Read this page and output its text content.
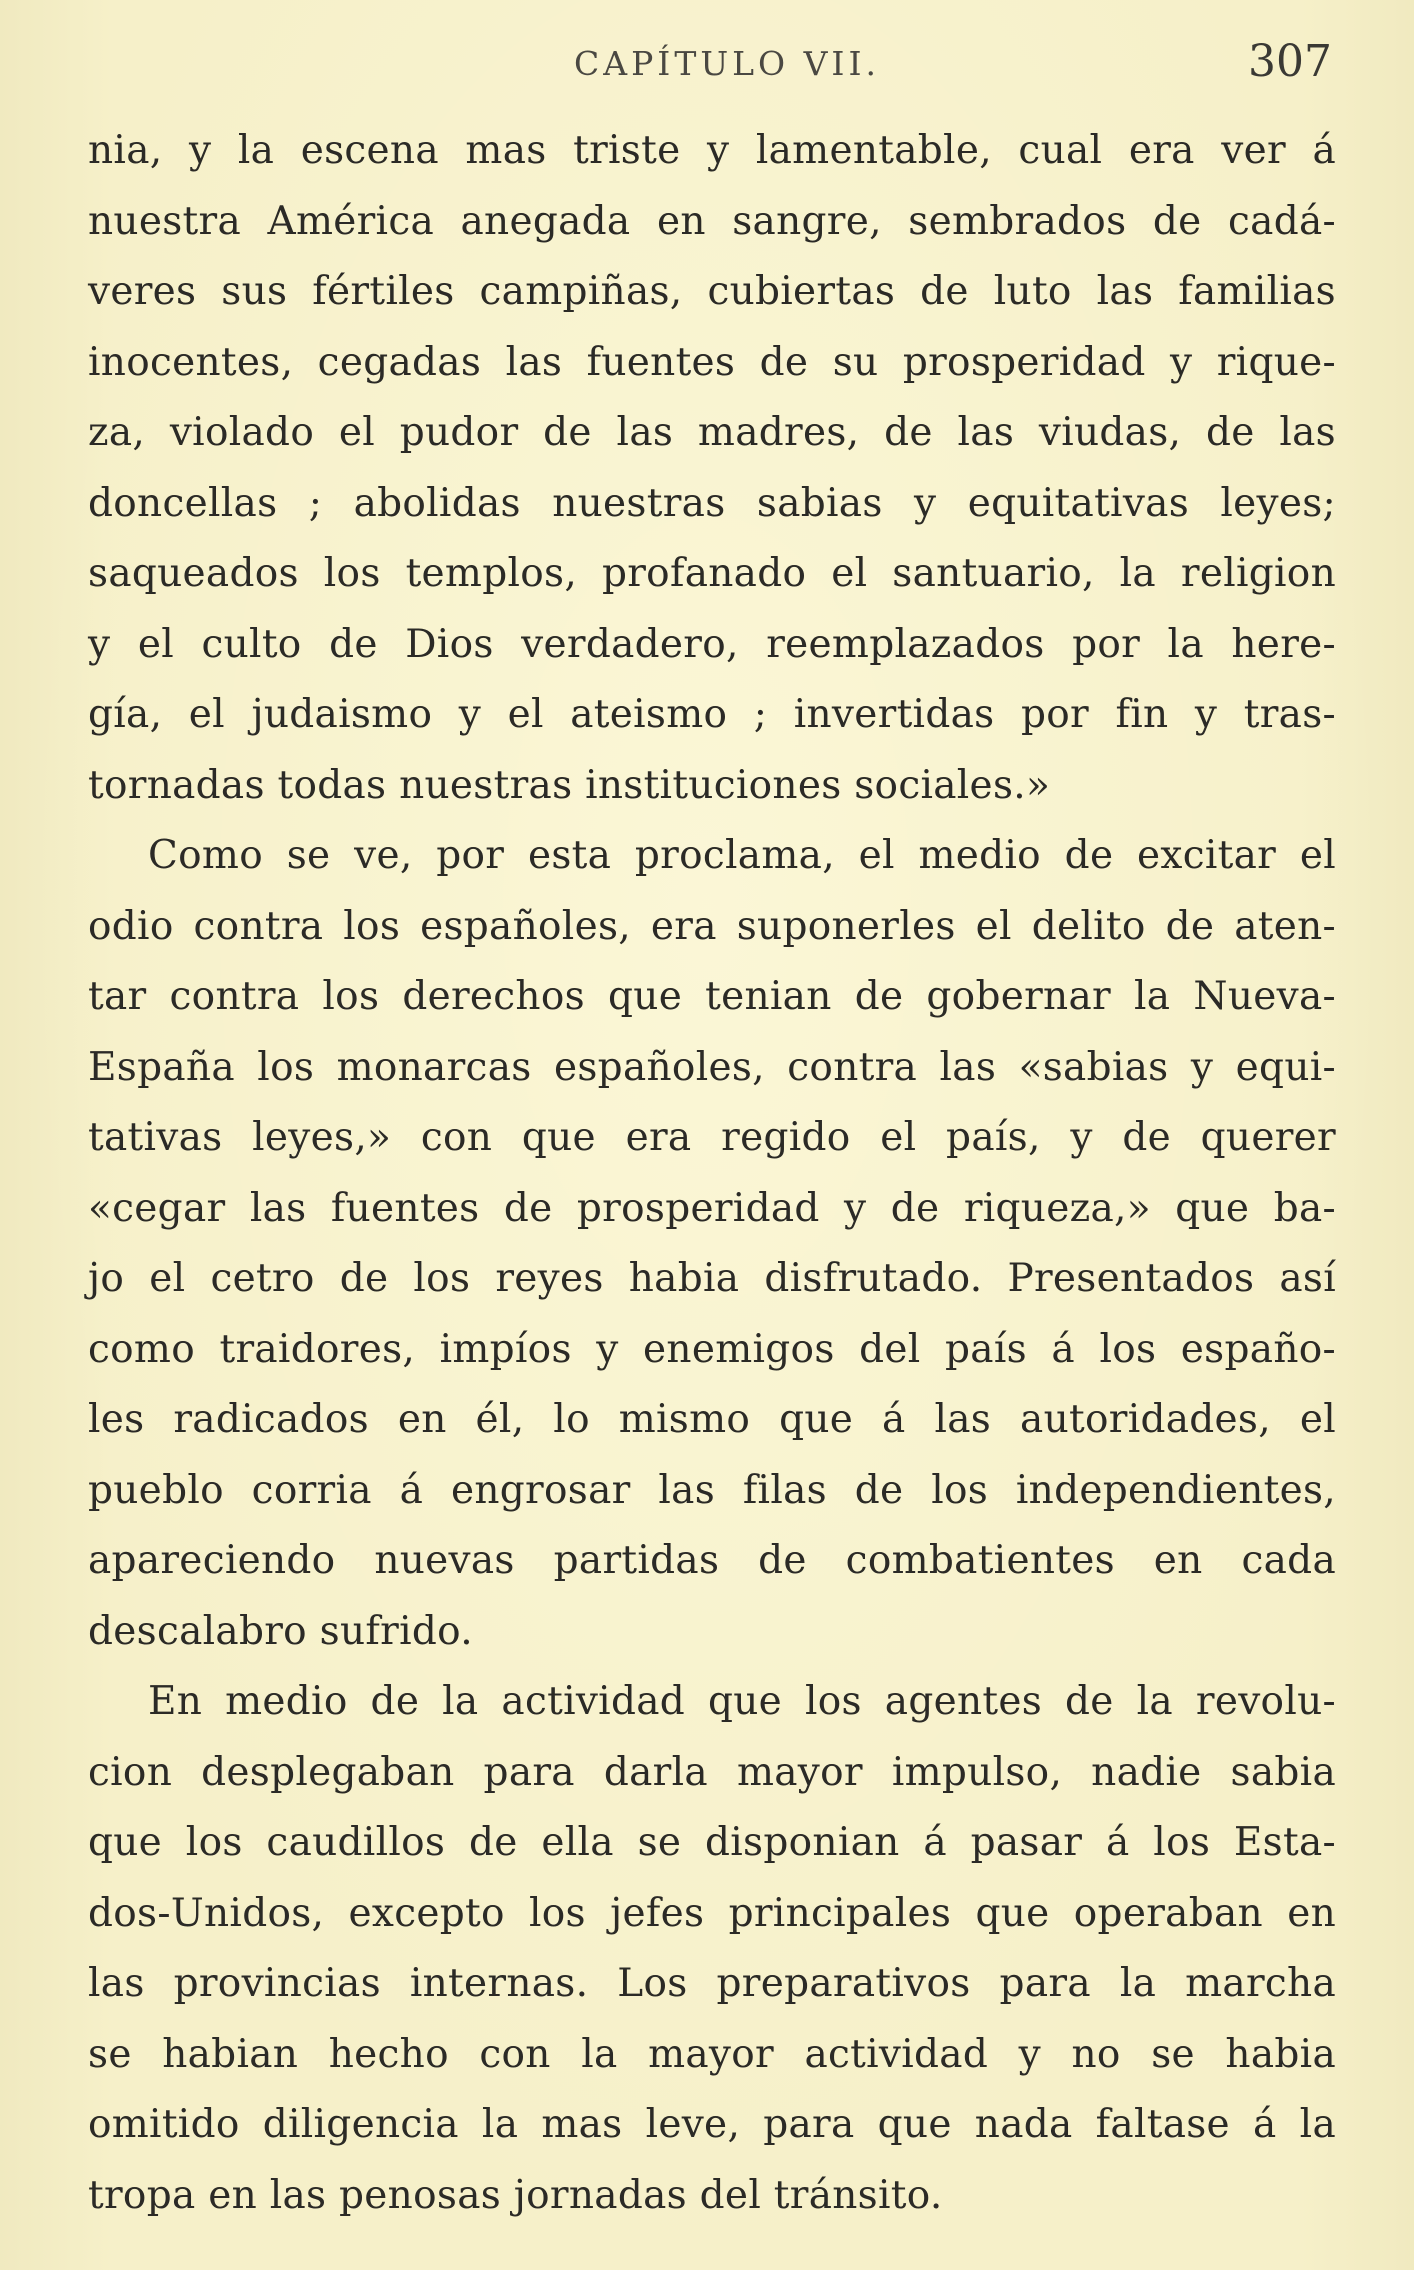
CAPÍTULO VII.	307
nia, y la escena mas triste y lamentable, cual era ver á
nuestra América anegada en sangre, sembrados de cadá-
veres sus fértiles campiñas, cubiertas de luto las familias
inocentes, cegadas las fuentes de su prosperidad y rique-
za, violado el pudor de las madres, de las viudas, de las
doncellas ; abolidas nuestras sabias y equitativas leyes;
saqueados los templos, profanado el santuario, la religion
y el culto de Dios verdadero, reemplazados por la here-
gía, el judaismo y el ateismo ; invertidas por fin y tras-
tornadas todas nuestras instituciones sociales.»
Como se ve, por esta proclama, el medio de excitar el
odio contra los españoles, era suponerles el delito de aten-
tar contra los derechos que tenian de gobernar la Nueva-
España los monarcas españoles, contra las «sabias y equi-
tativas leyes,» con que era regido el país, y de querer
«cegar las fuentes de prosperidad y de riqueza,» que ba-
jo el cetro de los reyes habia disfrutado. Presentados así
como traidores, impíos y enemigos del país á los españo-
les radicados en él, lo mismo que á las autoridades, el
pueblo corria á engrosar las filas de los independientes,
apareciendo nuevas partidas de combatientes en cada
descalabro sufrido.
En medio de la actividad que los agentes de la revolu-
cion desplegaban para darla mayor impulso, nadie sabia
que los caudillos de ella se disponian á pasar á los Esta-
dos-Unidos, excepto los jefes principales que operaban en
las provincias internas. Los preparativos para la marcha
se habian hecho con la mayor actividad y no se habia
omitido diligencia la mas leve, para que nada faltase á la
tropa en las penosas jornadas del tránsito.
